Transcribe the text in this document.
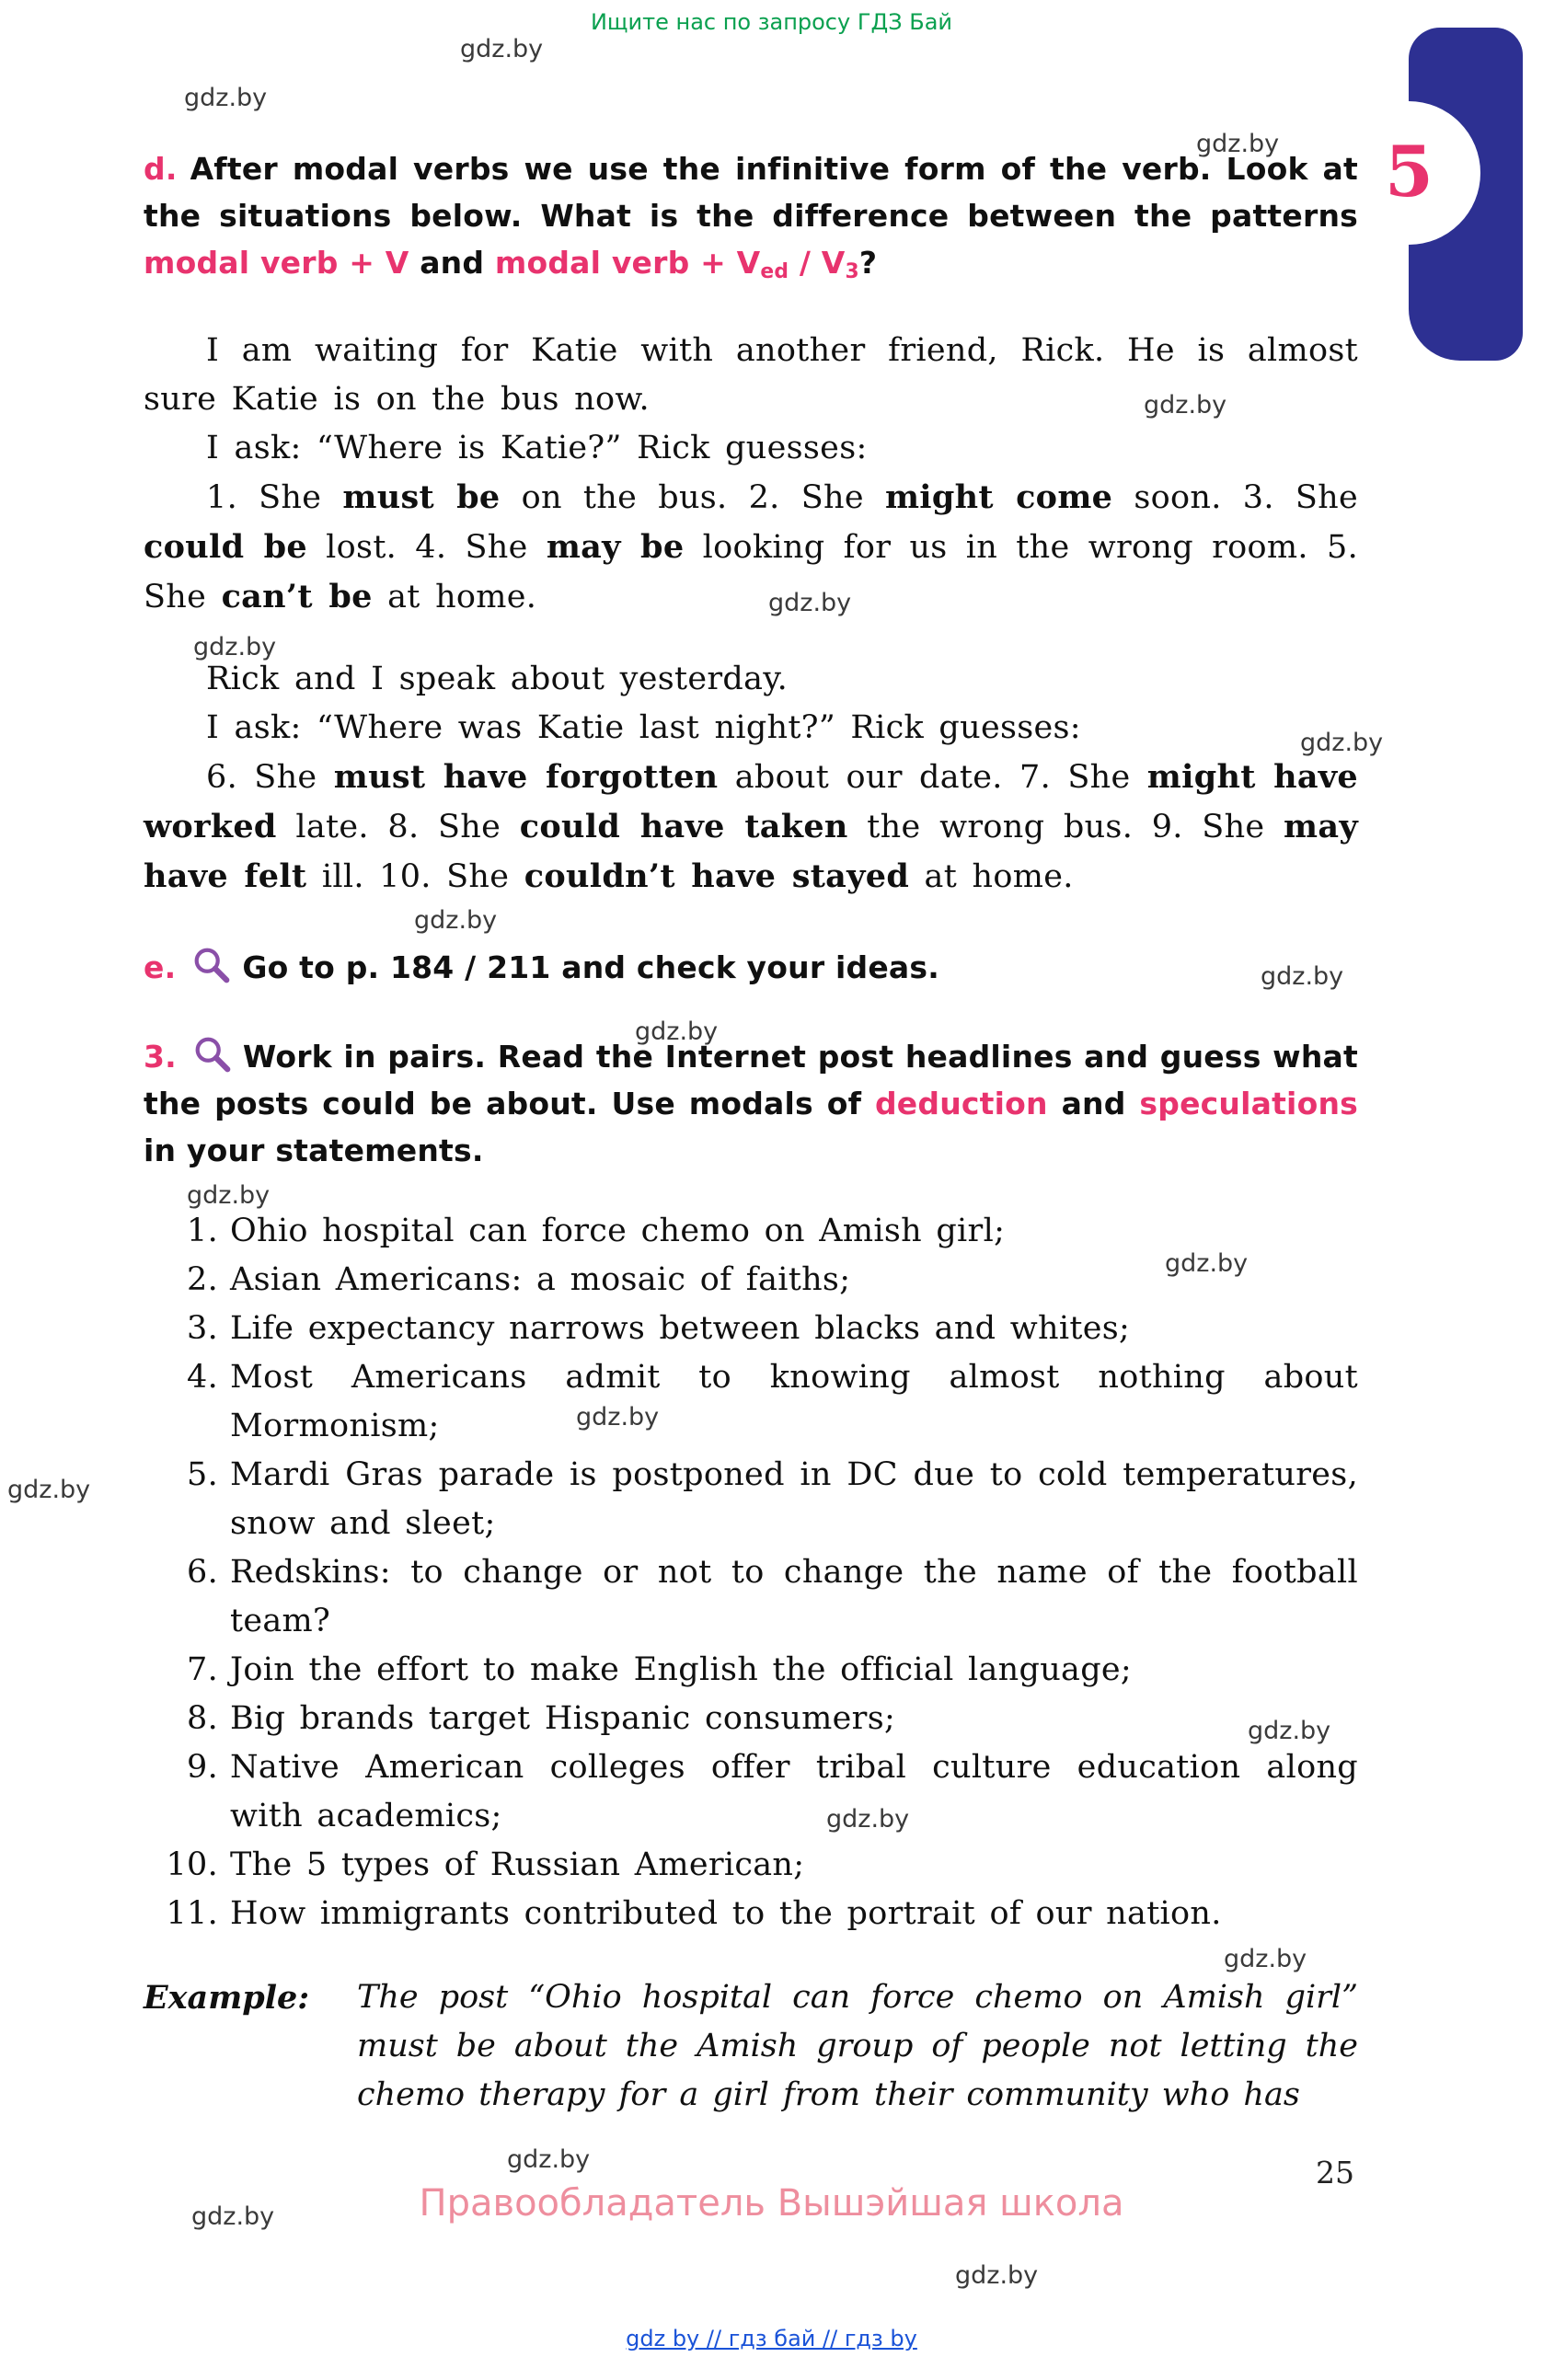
Ищите нас по запросу ГДЗ Бай
gdz.by
gdz.by
gdz.by
gdz.by
gdz.by
gdz.by
gdz.by
gdz.by
gdz.by
gdz.by
gdz.by
gdz.by
gdz.by
gdz.by
gdz.by
gdz.by
gdz.by
gdz.by
gdz.by
gdz.by
5

d. After modal verbs we use the infinitive form of the verb. Look at the situations below. What is the difference between the patterns modal verb + V and modal verb + $V_{ed} / V_3$?

I am waiting for Katie with another friend, Rick. He is almost sure Katie is on the bus now.

I ask: “Where is Katie?” Rick guesses:

1. She must be on the bus. 2. She might come soon. 3. She could be lost. 4. She may be looking for us in the wrong room. 5. She can’t be at home.

Rick and I speak about yesterday.

I ask: “Where was Katie last night?” Rick guesses:

6. She must have forgotten about our date. 7. She might have worked late. 8. She could have taken the wrong bus. 9. She may have felt ill. 10. She couldn’t have stayed at home.

e. Go to p. 184 / 211 and check your ideas.

3. Work in pairs. Read the Internet post headlines and guess what the posts could be about. Use modals of deduction and speculations in your statements.

1. Ohio hospital can force chemo on Amish girl;
2. Asian Americans: a mosaic of faiths;
3. Life expectancy narrows between blacks and whites;
4. Most Americans admit to knowing almost nothing about Mormonism;
5. Mardi Gras parade is postponed in DC due to cold temperatures, snow and sleet;
6. Redskins: to change or not to change the name of the football team?
7. Join the effort to make English the official language;
8. Big brands target Hispanic consumers;
9. Native American colleges offer tribal culture education along with academics;
10. The 5 types of Russian American;
11. How immigrants contributed to the portrait of our nation.
Example:	The post “Ohio hospital can force chemo on Amish girl” must be about the Amish group of people not letting the chemo therapy for a girl from their community who has
25
Правообладатель Вышэйшая школа
gdz by // гдз бай // гдз by
